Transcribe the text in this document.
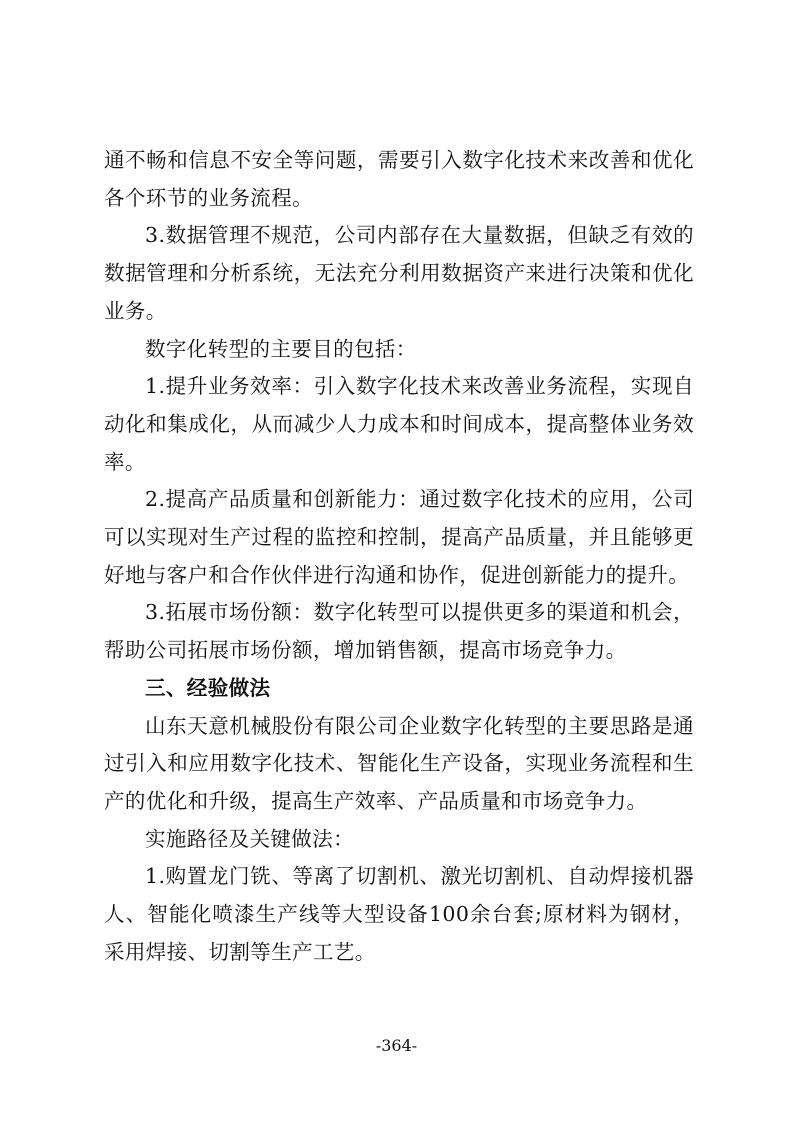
通不畅和信息不安全等问题，需要引入数字化技术来改善和优化各个环节的业务流程。

3.数据管理不规范，公司内部存在大量数据，但缺乏有效的数据管理和分析系统，无法充分利用数据资产来进行决策和优化业务。

数字化转型的主要目的包括：

1.提升业务效率：引入数字化技术来改善业务流程，实现自动化和集成化，从而减少人力成本和时间成本，提高整体业务效率。

2.提高产品质量和创新能力：通过数字化技术的应用，公司可以实现对生产过程的监控和控制，提高产品质量，并且能够更好地与客户和合作伙伴进行沟通和协作，促进创新能力的提升。

3.拓展市场份额：数字化转型可以提供更多的渠道和机会，帮助公司拓展市场份额，增加销售额，提高市场竞争力。

三、经验做法

山东天意机械股份有限公司企业数字化转型的主要思路是通过引入和应用数字化技术、智能化生产设备，实现业务流程和生产的优化和升级，提高生产效率、产品质量和市场竞争力。

实施路径及关键做法：

1.购置龙门铣、等离了切割机、激光切割机、自动焊接机器人、智能化喷漆生产线等大型设备100余台套;原材料为钢材，采用焊接、切割等生产工艺。

-364-
